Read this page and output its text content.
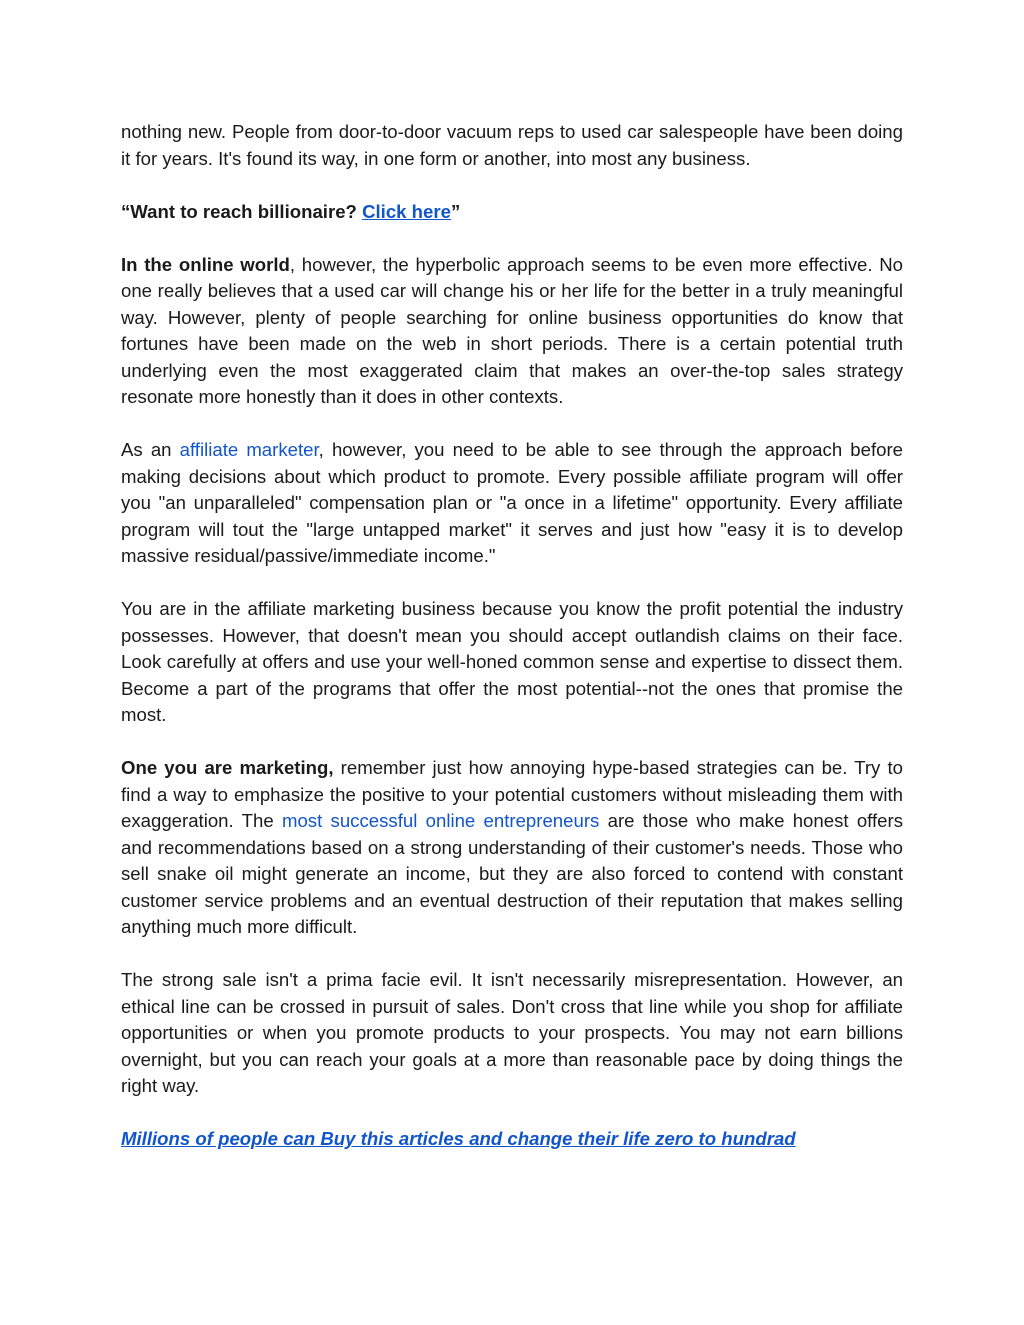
nothing new. People from door-to-door vacuum reps to used car salespeople have been doing it for years. It's found its way, in one form or another, into most any business.

“Want to reach billionaire? Click here”

In the online world, however, the hyperbolic approach seems to be even more effective. No one really believes that a used car will change his or her life for the better in a truly meaningful way. However, plenty of people searching for online business opportunities do know that fortunes have been made on the web in short periods. There is a certain potential truth underlying even the most exaggerated claim that makes an over-the-top sales strategy resonate more honestly than it does in other contexts.

As an affiliate marketer, however, you need to be able to see through the approach before making decisions about which product to promote. Every possible affiliate program will offer you "an unparalleled" compensation plan or "a once in a lifetime" opportunity. Every affiliate program will tout the "large untapped market" it serves and just how "easy it is to develop massive residual/passive/immediate income."

You are in the affiliate marketing business because you know the profit potential the industry possesses. However, that doesn't mean you should accept outlandish claims on their face. Look carefully at offers and use your well-honed common sense and expertise to dissect them. Become a part of the programs that offer the most potential--not the ones that promise the most.

One you are marketing, remember just how annoying hype-based strategies can be. Try to find a way to emphasize the positive to your potential customers without misleading them with exaggeration. The most successful online entrepreneurs are those who make honest offers and recommendations based on a strong understanding of their customer's needs. Those who sell snake oil might generate an income, but they are also forced to contend with constant customer service problems and an eventual destruction of their reputation that makes selling anything much more difficult.

The strong sale isn't a prima facie evil. It isn't necessarily misrepresentation. However, an ethical line can be crossed in pursuit of sales. Don't cross that line while you shop for affiliate opportunities or when you promote products to your prospects. You may not earn billions overnight, but you can reach your goals at a more than reasonable pace by doing things the right way.

Millions of people can Buy this articles and change their life zero to hundrad
